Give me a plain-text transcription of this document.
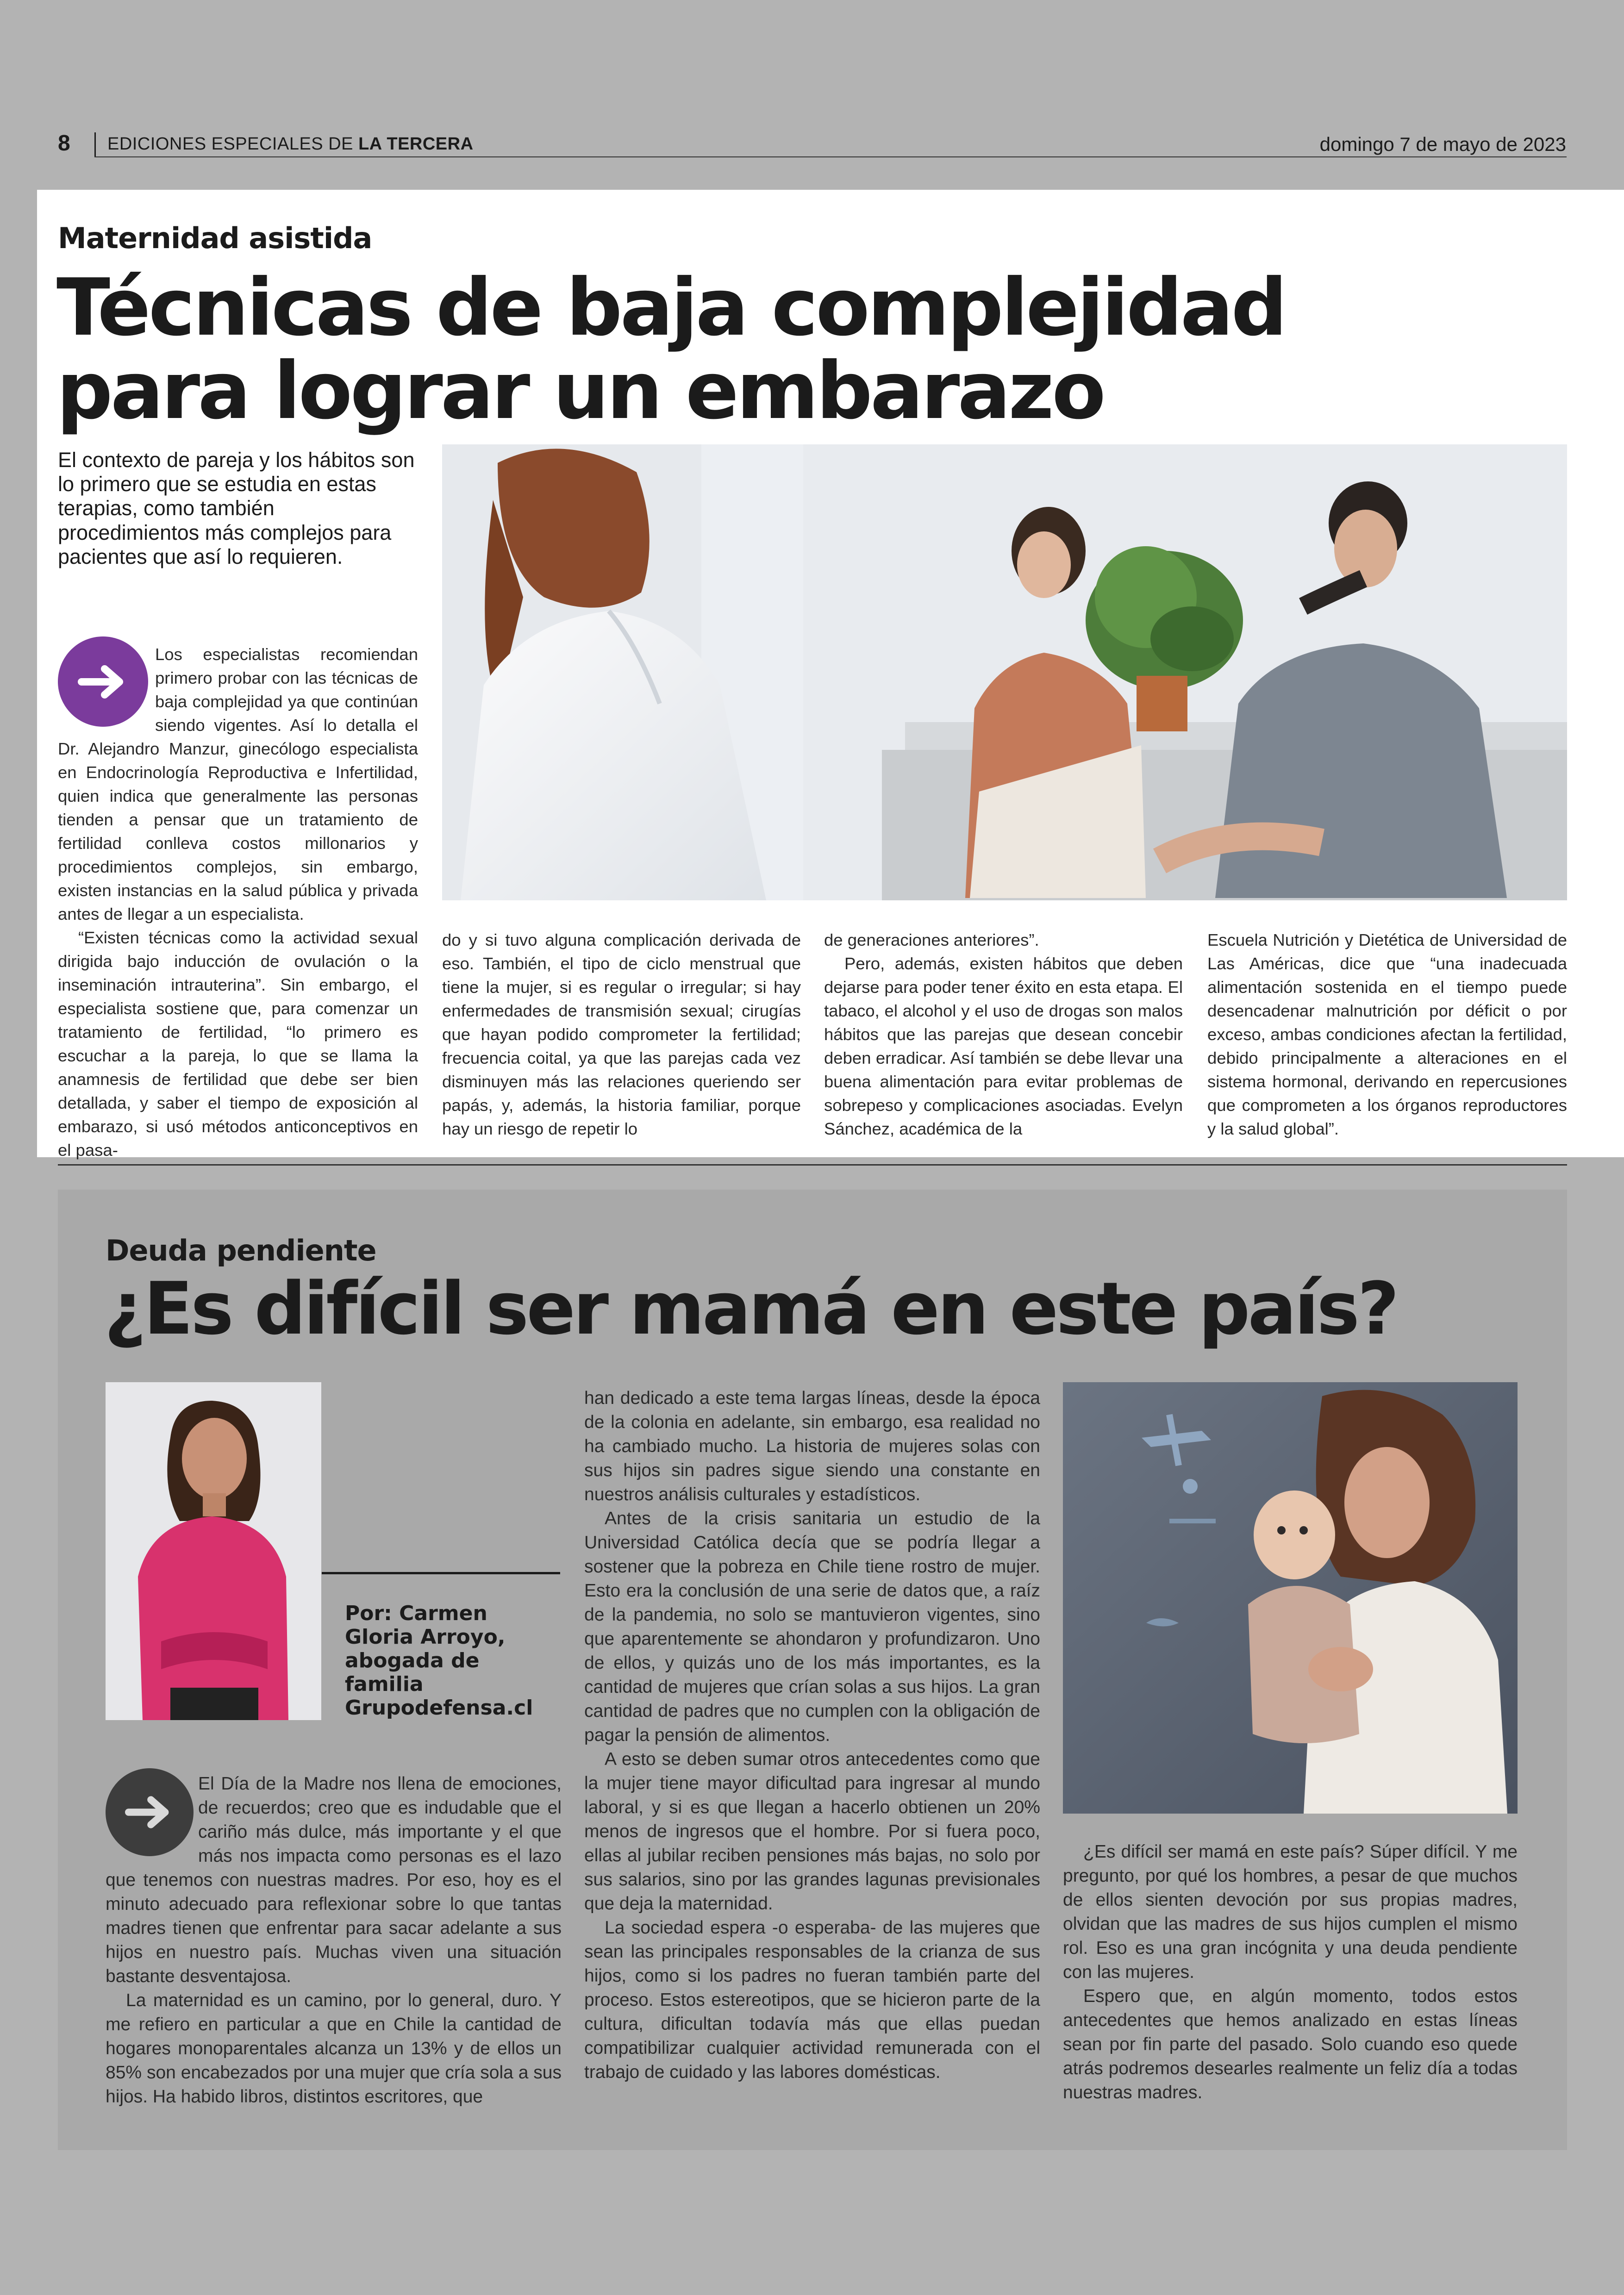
8 EDICIONES ESPECIALES DE LA TERCERA	domingo 7 de mayo de 2023
Maternidad asistida
Técnicas de baja complejidad
para lograr un embarazo
El contexto de pareja y los hábitos son lo primero que se estudia en estas terapias, como también procedimientos más complejos para pacientes que así lo requieren.

Los especialistas recomiendan primero probar con las técnicas de baja complejidad ya que continúan siendo vigentes. Así lo detalla el Dr. Alejandro Manzur, ginecólogo especialista en Endocrinología Reproductiva e Infertilidad, quien indica que generalmente las personas tienden a pensar que un tratamiento de fertilidad conlleva costos millonarios y procedimientos complejos, sin embargo, existen instancias en la salud pública y privada antes de llegar a un especialista.

“Existen técnicas como la actividad sexual dirigida bajo inducción de ovulación o la inseminación intrauterina”. Sin embargo, el especialista sostiene que, para comenzar un tratamiento de fertilidad, “lo primero es escuchar a la pareja, lo que se llama la anamnesis de fertilidad que debe ser bien detallada, y saber el tiempo de exposición al embarazo, si usó métodos anticonceptivos en el pasa-

do y si tuvo alguna complicación derivada de eso. También, el tipo de ciclo menstrual que tiene la mujer, si es regular o irregular; si hay enfermedades de transmisión sexual; cirugías que hayan podido comprometer la fertilidad; frecuencia coital, ya que las parejas cada vez disminuyen más las relaciones queriendo ser papás, y, además, la historia familiar, porque hay un riesgo de repetir lo

de generaciones anteriores”.

Pero, además, existen hábitos que deben dejarse para poder tener éxito en esta etapa. El tabaco, el alcohol y el uso de drogas son malos hábitos que las parejas que desean concebir deben erradicar. Así también se debe llevar una buena alimentación para evitar problemas de sobrepeso y complicaciones asociadas. Evelyn Sánchez, académica de la

Escuela Nutrición y Dietética de Universidad de Las Américas, dice que “una inadecuada alimentación sostenida en el tiempo puede desencadenar malnutrición por déficit o por exceso, ambas condiciones afectan la fertilidad, debido principalmente a alteraciones en el sistema hormonal, derivando en repercusiones que comprometen a los órganos reproductores y la salud global”.

Deuda pendiente
¿Es difícil ser mamá en este país?
Por: Carmen Gloria Arroyo, abogada de familia Grupodefensa.cl

El Día de la Madre nos llena de emociones, de recuerdos; creo que es indudable que el cariño más dulce, más importante y el que más nos impacta como personas es el lazo que tenemos con nuestras madres. Por eso, hoy es el minuto adecuado para reflexionar sobre lo que tantas madres tienen que enfrentar para sacar adelante a sus hijos en nuestro país. Muchas viven una situación bastante desventajosa.

La maternidad es un camino, por lo general, duro. Y me refiero en particular a que en Chile la cantidad de hogares monoparentales alcanza un 13% y de ellos un 85% son encabezados por una mujer que cría sola a sus hijos. Ha habido libros, distintos escritores, que

han dedicado a este tema largas líneas, desde la época de la colonia en adelante, sin embargo, esa realidad no ha cambiado mucho. La historia de mujeres solas con sus hijos sin padres sigue siendo una constante en nuestros análisis culturales y estadísticos.

Antes de la crisis sanitaria un estudio de la Universidad Católica decía que se podría llegar a sostener que la pobreza en Chile tiene rostro de mujer. Esto era la conclusión de una serie de datos que, a raíz de la pandemia, no solo se mantuvieron vigentes, sino que aparentemente se ahondaron y profundizaron. Uno de ellos, y quizás uno de los más importantes, es la cantidad de mujeres que crían solas a sus hijos. La gran cantidad de padres que no cumplen con la obligación de pagar la pensión de alimentos.

A esto se deben sumar otros antecedentes como que la mujer tiene mayor dificultad para ingresar al mundo laboral, y si es que llegan a hacerlo obtienen un 20% menos de ingresos que el hombre. Por si fuera poco, ellas al jubilar reciben pensiones más bajas, no solo por sus salarios, sino por las grandes lagunas previsionales que deja la maternidad.

La sociedad espera -o esperaba- de las mujeres que sean las principales responsables de la crianza de sus hijos, como si los padres no fueran también parte del proceso. Estos estereotipos, que se hicieron parte de la cultura, dificultan todavía más que ellas puedan compatibilizar cualquier actividad remunerada con el trabajo de cuidado y las labores domésticas.

¿Es difícil ser mamá en este país? Súper difícil. Y me pregunto, por qué los hombres, a pesar de que muchos de ellos sienten devoción por sus propias madres, olvidan que las madres de sus hijos cumplen el mismo rol. Eso es una gran incógnita y una deuda pendiente con las mujeres.

Espero que, en algún momento, todos estos antecedentes que hemos analizado en estas líneas sean por fin parte del pasado. Solo cuando eso quede atrás podremos desearles realmente un feliz día a todas nuestras madres.
